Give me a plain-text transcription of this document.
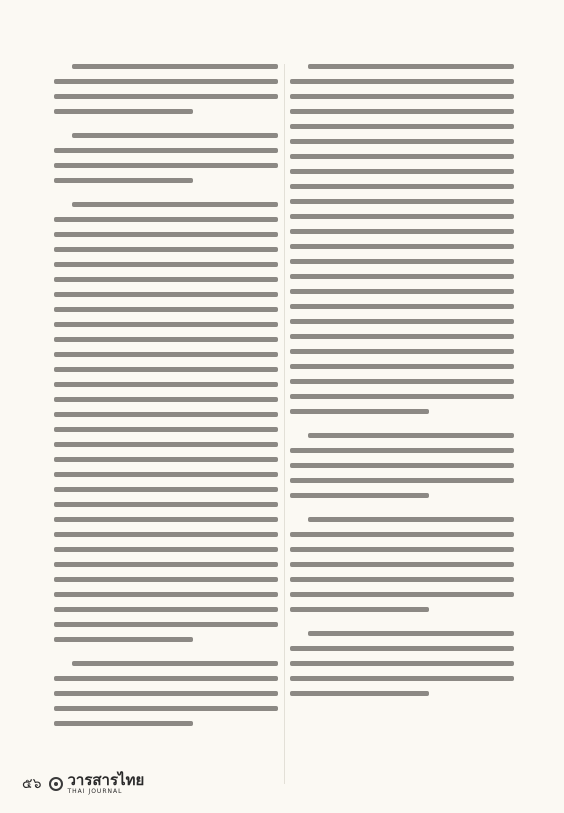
๕๖ วารสารไทย
THAI JOURNAL
